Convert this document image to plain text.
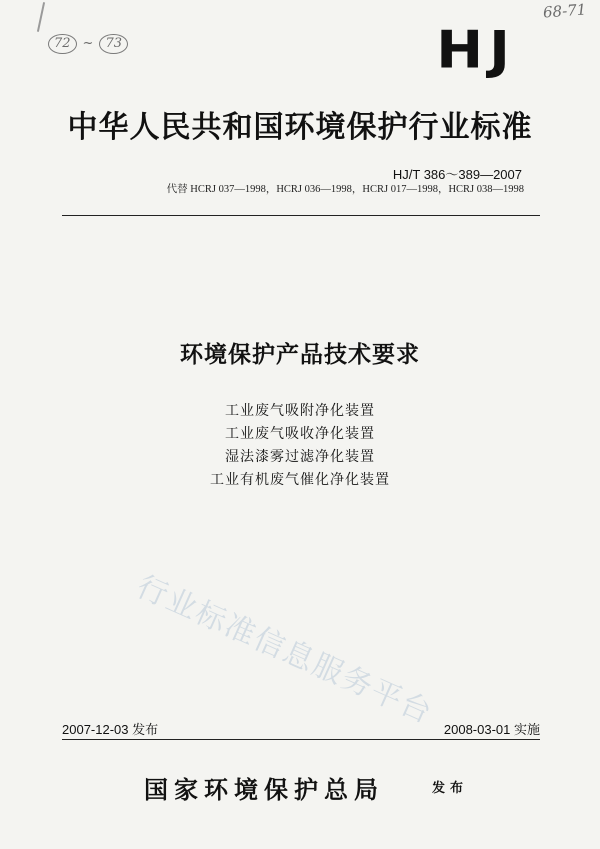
72 ~ 73
68-71
HJ
中华人民共和国环境保护行业标准
HJ/T 386～389—2007
代替 HCRJ 037—1998，HCRJ 036—1998，HCRJ 017—1998，HCRJ 038—1998
环境保护产品技术要求
工业废气吸附净化装置
工业废气吸收净化装置
湿法漆雾过滤净化装置
工业有机废气催化净化装置
行业标准信息服务平台
2007-12-03 发布	2008-03-01 实施
国家环境保护总局	发布
